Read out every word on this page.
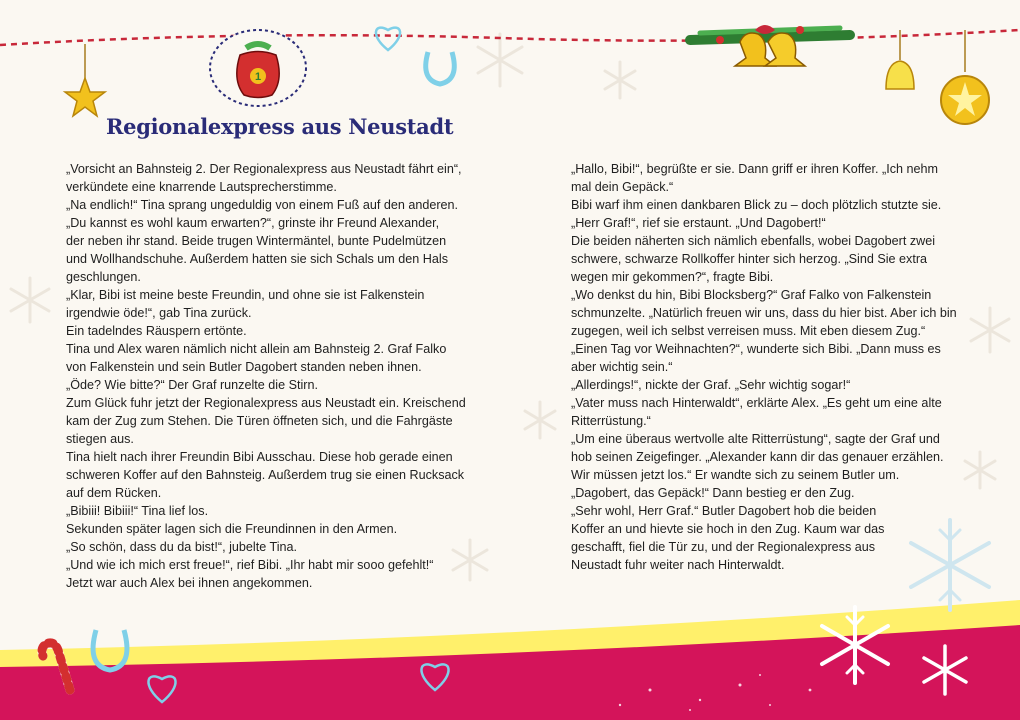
1
Regionalexpress aus Neustadt

„Vorsicht an Bahnsteig 2. Der Regionalexpress aus Neustadt fährt ein“,

verkündete eine knarrende Lautsprecherstimme.

„Na endlich!“ Tina sprang ungeduldig von einem Fuß auf den anderen.

„Du kannst es wohl kaum erwarten?“, grinste ihr Freund Alexander,

der neben ihr stand. Beide trugen Wintermäntel, bunte Pudelmützen

und Wollhandschuhe. Außerdem hatten sie sich Schals um den Hals

geschlungen.

„Klar, Bibi ist meine beste Freundin, und ohne sie ist Falkenstein

irgendwie öde!“, gab Tina zurück.

Ein tadelndes Räuspern ertönte.

Tina und Alex waren nämlich nicht allein am Bahnsteig 2. Graf Falko

von Falkenstein und sein Butler Dagobert standen neben ihnen.

„Öde? Wie bitte?“ Der Graf runzelte die Stirn.

Zum Glück fuhr jetzt der Regionalexpress aus Neustadt ein. Kreischend

kam der Zug zum Stehen. Die Türen öffneten sich, und die Fahrgäste

stiegen aus.

Tina hielt nach ihrer Freundin Bibi Ausschau. Diese hob gerade einen

schweren Koffer auf den Bahnsteig. Außerdem trug sie einen Rucksack

auf dem Rücken.

„Bibiii! Bibiii!“ Tina lief los.

Sekunden später lagen sich die Freundinnen in den Armen.

„So schön, dass du da bist!“, jubelte Tina.

„Und wie ich mich erst freue!“, rief Bibi. „Ihr habt mir sooo gefehlt!“

Jetzt war auch Alex bei ihnen angekommen.

„Hallo, Bibi!“, begrüßte er sie. Dann griff er ihren Koffer. „Ich nehm

mal dein Gepäck.“

Bibi warf ihm einen dankbaren Blick zu – doch plötzlich stutzte sie.

„Herr Graf!“, rief sie erstaunt. „Und Dagobert!“

Die beiden näherten sich nämlich ebenfalls, wobei Dagobert zwei

schwere, schwarze Rollkoffer hinter sich herzog. „Sind Sie extra

wegen mir gekommen?“, fragte Bibi.

„Wo denkst du hin, Bibi Blocksberg?“ Graf Falko von Falkenstein

schmunzelte. „Natürlich freuen wir uns, dass du hier bist. Aber ich bin

zugegen, weil ich selbst verreisen muss. Mit eben diesem Zug.“

„Einen Tag vor Weihnachten?“, wunderte sich Bibi. „Dann muss es

aber wichtig sein.“

„Allerdings!“, nickte der Graf. „Sehr wichtig sogar!“

„Vater muss nach Hinterwaldt“, erklärte Alex. „Es geht um eine alte

Ritterrüstung.“

„Um eine überaus wertvolle alte Ritterrüstung“, sagte der Graf und

hob seinen Zeigefinger. „Alexander kann dir das genauer erzählen.

Wir müssen jetzt los.“ Er wandte sich zu seinem Butler um.

„Dagobert, das Gepäck!“ Dann bestieg er den Zug.

„Sehr wohl, Herr Graf.“ Butler Dagobert hob die beiden

Koffer an und hievte sie hoch in den Zug. Kaum war das

geschafft, fiel die Tür zu, und der Regionalexpress aus

Neustadt fuhr weiter nach Hinterwaldt.
